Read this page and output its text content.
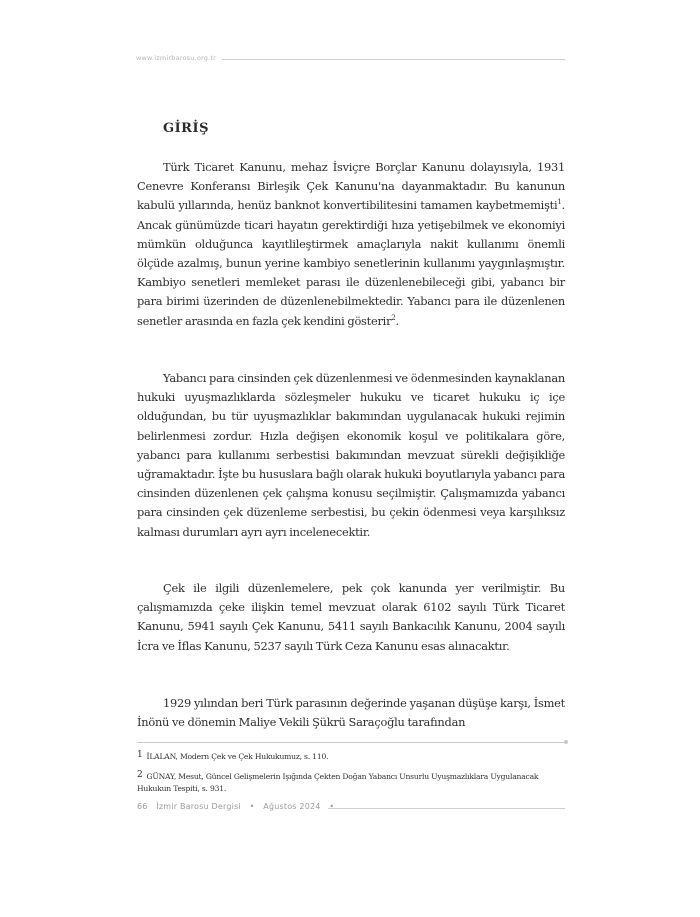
www.izmirbarosu.org.tr
GİRİŞ

Türk Ticaret Kanunu, mehaz İsviçre Borçlar Kanunu dolayısıyla, 1931 Cenevre Konferansı Birleşik Çek Kanunu'na dayanmaktadır. Bu kanunun kabulü yıllarında, henüz banknot konvertibilitesini tamamen kaybetmemişti$^1$. Ancak günümüzde ticari hayatın gerektirdiği hıza yetişebilmek ve ekonomiyi mümkün olduğunca kayıtlileştirmek amaçlarıyla nakit kullanımı önemli ölçüde azalmış, bunun yerine kambiyo senetlerinin kullanımı yaygınlaşmıştır. Kambiyo senetleri memleket parası ile düzenlenebileceği gibi, yabancı bir para birimi üzerinden de düzenlenebilmektedir. Yabancı para ile düzenlenen senetler arasında en fazla çek kendini gösterir$^2$.

Yabancı para cinsinden çek düzenlenmesi ve ödenmesinden kaynaklanan hukuki uyuşmazlıklarda sözleşmeler hukuku ve ticaret hukuku iç içe olduğundan, bu tür uyuşmazlıklar bakımından uygulanacak hukuki rejimin belirlenmesi zordur. Hızla değişen ekonomik koşul ve politikalara göre, yabancı para kullanımı serbestisi bakımından mevzuat sürekli değişikliğe uğramaktadır. İşte bu hususlara bağlı olarak hukuki boyutlarıyla yabancı para cinsinden düzenlenen çek çalışma konusu seçilmiştir. Çalışmamızda yabancı para cinsinden çek düzenleme serbestisi, bu çekin ödenmesi veya karşılıksız kalması durumları ayrı ayrı incelenecektir.

Çek ile ilgili düzenlemelere, pek çok kanunda yer verilmiştir. Bu çalışmamızda çeke ilişkin temel mevzuat olarak 6102 sayılı Türk Ticaret Kanunu, 5941 sayılı Çek Kanunu, 5411 sayılı Bankacılık Kanunu, 2004 sayılı İcra ve İflas Kanunu, 5237 sayılı Türk Ceza Kanunu esas alınacaktır.

1929 yılından beri Türk parasının değerinde yaşanan düşüşe karşı, İsmet İnönü ve dönemin Maliye Vekili Şükrü Saraçoğlu tarafından

1 İLALAN, Modern Çek ve Çek Hukukumuz, s. 110.
2 GÜNAY, Mesut, Güncel Gelişmelerin Işığında Çekten Doğan Yabancı Unsurlu Uyuşmazlıklara Uygulanacak Hukukun Tespiti, s. 931.
66 İzmir Barosu Dergisi • Ağustos 2024 •
